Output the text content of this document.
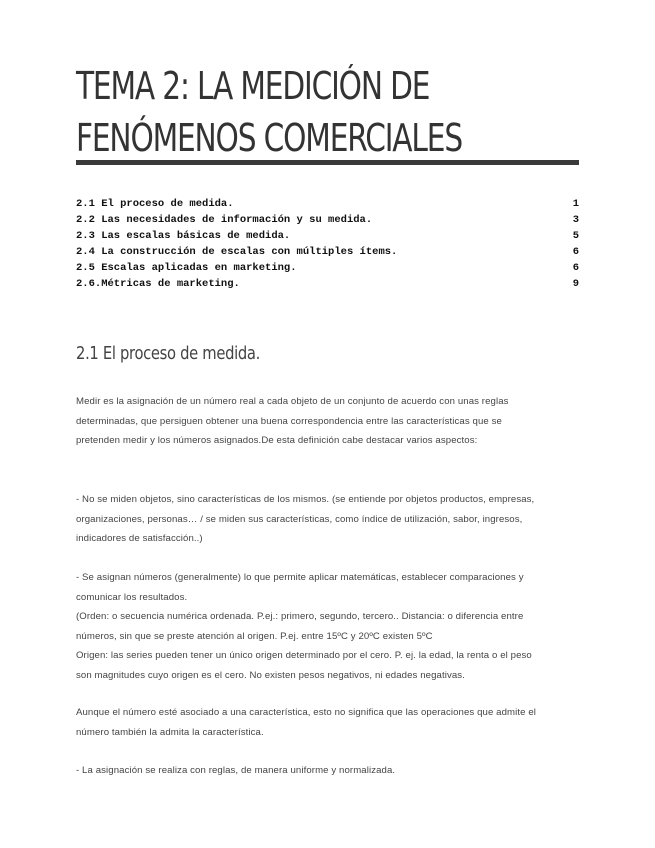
TEMA 2: LA MEDICIÓN DE
FENÓMENOS COMERCIALES
2.1 El proceso de medida.	1
2.2 Las necesidades de información y su medida.	3
2.3 Las escalas básicas de medida.	5
2.4 La construcción de escalas con múltiples ítems.	6
2.5 Escalas aplicadas en marketing.	6
2.6.Métricas de marketing.	9
2.1 El proceso de medida.

Medir es la asignación de un número real a cada objeto de un conjunto de acuerdo con unas reglas
determinadas, que persiguen obtener una buena correspondencia entre las características que se
pretenden medir y los números asignados.De esta definición cabe destacar varios aspectos:

- No se miden objetos, sino características de los mismos. (se entiende por objetos productos, empresas,
organizaciones, personas… / se miden sus características, como índice de utilización, sabor, ingresos,
indicadores de satisfacción..)

- Se asignan números (generalmente) lo que permite aplicar matemáticas, establecer comparaciones y
comunicar los resultados.
(Orden: o secuencia numérica ordenada. P.ej.: primero, segundo, tercero.. Distancia: o diferencia entre
números, sin que se preste atención al origen. P.ej. entre 15ºC y 20ºC existen 5ºC
Origen: las series pueden tener un único origen determinado por el cero. P. ej. la edad, la renta o el peso
son magnitudes cuyo origen es el cero. No existen pesos negativos, ni edades negativas.

Aunque el número esté asociado a una característica, esto no significa que las operaciones que admite el
número también la admita la característica.

- La asignación se realiza con reglas, de manera uniforme y normalizada.
